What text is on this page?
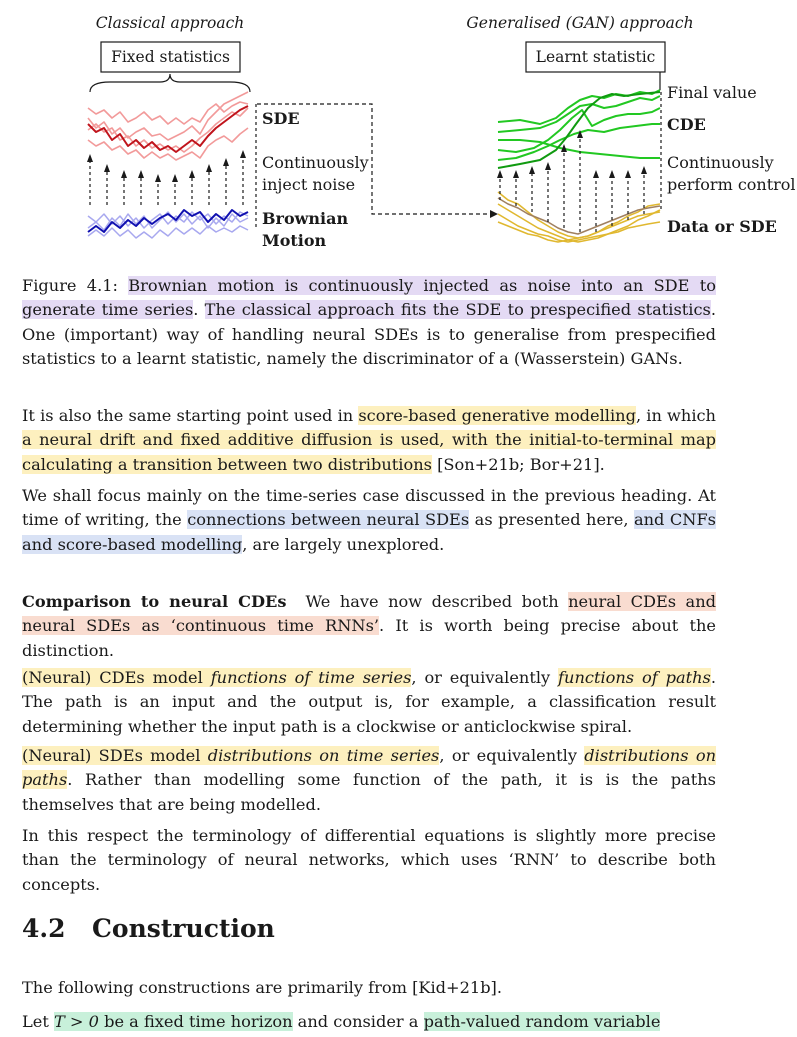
Classical approach	Generalised (GAN) approach
Fixed statistics	Learnt statistic
SDE
Continuously
inject noise
Brownian
Motion
Final value
CDE
Continuously
perform control
Data or SDE

Figure 4.1: Brownian motion is continuously injected as noise into an SDE to generate time series. The classical approach fits the SDE to prespecified statistics. One (important) way of handling neural SDEs is to generalise from prespecified statistics to a learnt statistic, namely the discriminator of a (Wasserstein) GANs.

It is also the same starting point used in score-based generative modelling, in which a neural drift and fixed additive diffusion is used, with the initial-to-terminal map calculating a transition between two distributions [Son+21b; Bor+21].

We shall focus mainly on the time-series case discussed in the previous heading. At time of writing, the connections between neural SDEs as presented here, and CNFs and score-based modelling, are largely unexplored.

Comparison to neural CDEs  We have now described both neural CDEs and neural SDEs as ‘continuous time RNNs’. It is worth being precise about the distinction.

(Neural) CDEs model functions of time series, or equivalently functions of paths. The path is an input and the output is, for example, a classification result determining whether the input path is a clockwise or anticlockwise spiral.

(Neural) SDEs model distributions on time series, or equivalently distributions on paths. Rather than modelling some function of the path, it is is the paths themselves that are being modelled.

In this respect the terminology of differential equations is slightly more precise than the terminology of neural networks, which uses ‘RNN’ to describe both concepts.

4.2 Construction

The following constructions are primarily from [Kid+21b].

Let T > 0 be a fixed time horizon and consider a path-valued random variable
